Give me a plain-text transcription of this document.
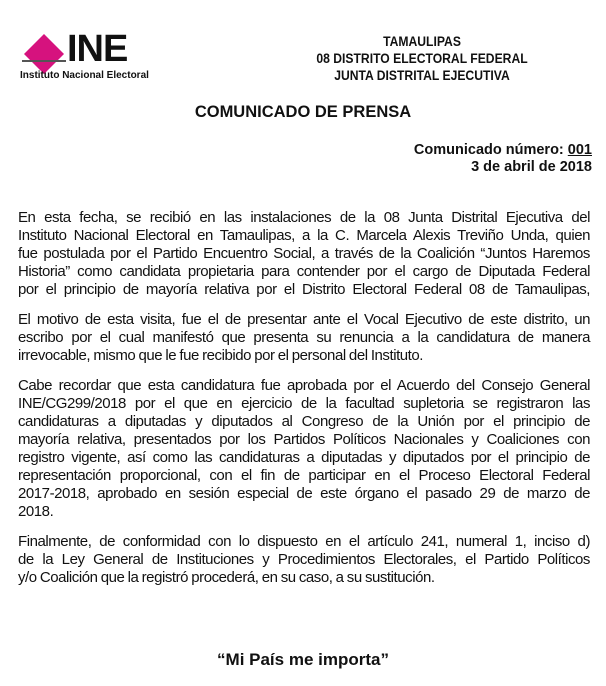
INE
Instituto Nacional Electoral
TAMAULIPAS
08 DISTRITO ELECTORAL FEDERAL
JUNTA DISTRITAL EJECUTIVA
COMUNICADO DE PRENSA
Comunicado número: 001
3 de abril de 2018
En esta fecha, se recibió en las instalaciones de la 08 Junta Distrital Ejecutiva del
Instituto Nacional Electoral en Tamaulipas, a la C. Marcela Alexis Treviño Unda, quien
fue postulada por el Partido Encuentro Social, a través de la Coalición “Juntos Haremos
Historia” como candidata propietaria para contender por el cargo de Diputada Federal
por el principio de mayoría relativa por el Distrito Electoral Federal 08 de Tamaulipas,
El motivo de esta visita, fue el de presentar ante el Vocal Ejecutivo de este distrito, un
escribo por el cual manifestó que presenta su renuncia a la candidatura de manera
irrevocable, mismo que le fue recibido por el personal del Instituto.
Cabe recordar que esta candidatura fue aprobada por el Acuerdo del Consejo General
INE/CG299/2018 por el que en ejercicio de la facultad supletoria se registraron las
candidaturas a diputadas y diputados al Congreso de la Unión por el principio de
mayoría relativa, presentados por los Partidos Políticos Nacionales y Coaliciones con
registro vigente, así como las candidaturas a diputadas y diputados por el principio de
representación proporcional, con el fin de participar en el Proceso Electoral Federal
2017-2018, aprobado en sesión especial de este órgano el pasado 29 de marzo de
2018.
Finalmente, de conformidad con lo dispuesto en el artículo 241, numeral 1, inciso d)
de la Ley General de Instituciones y Procedimientos Electorales, el Partido Políticos
y/o Coalición que la registró procederá, en su caso, a su sustitución.
“Mi País me importa”
